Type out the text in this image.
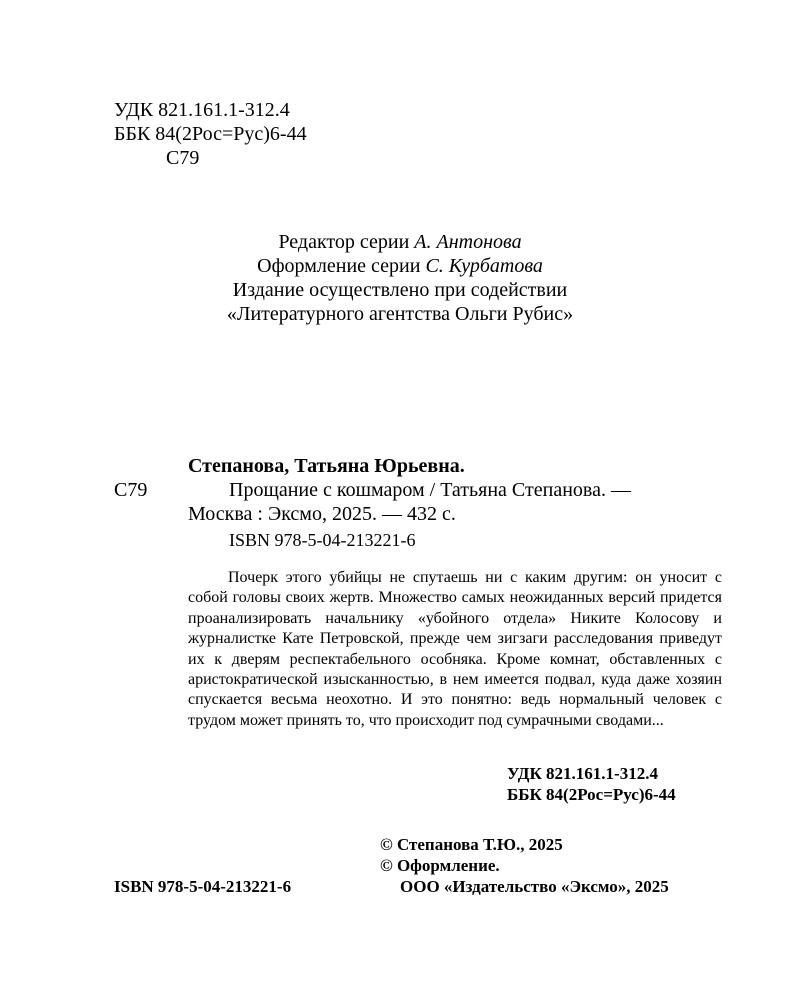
УДК 821.161.1-312.4
ББК 84(2Рос=Рус)6-44
С79
Редактор серии А. Антонова
Оформление серии С. Курбатова
Издание осуществлено при содействии
«Литературного агентства Ольги Рубис»
Степанова, Татьяна Юрьевна.
С79	Прощание с кошмаром / Татьяна Степанова. —
Москва : Эксмо, 2025. — 432 с.
ISBN 978-5-04-213221-6
Почерк этого убийцы не спутаешь ни с каким другим: он уносит с собой головы своих жертв. Множество самых неожиданных версий придется проанализировать начальнику «убойного отдела» Никите Колосову и журналистке Кате Петровской, прежде чем зигзаги расследования приведут их к дверям респектабельного особняка. Кроме комнат, обставленных с аристократической изысканностью, в нем имеется подвал, куда даже хозяин спускается весьма неохотно. И это понятно: ведь нормальный человек с трудом может принять то, что происходит под сумрачными сводами...
УДК 821.161.1-312.4
ББК 84(2Рос=Рус)6-44
© Степанова Т.Ю., 2025
© Оформление.
ООО «Издательство «Эксмо», 2025
ISBN 978-5-04-213221-6
